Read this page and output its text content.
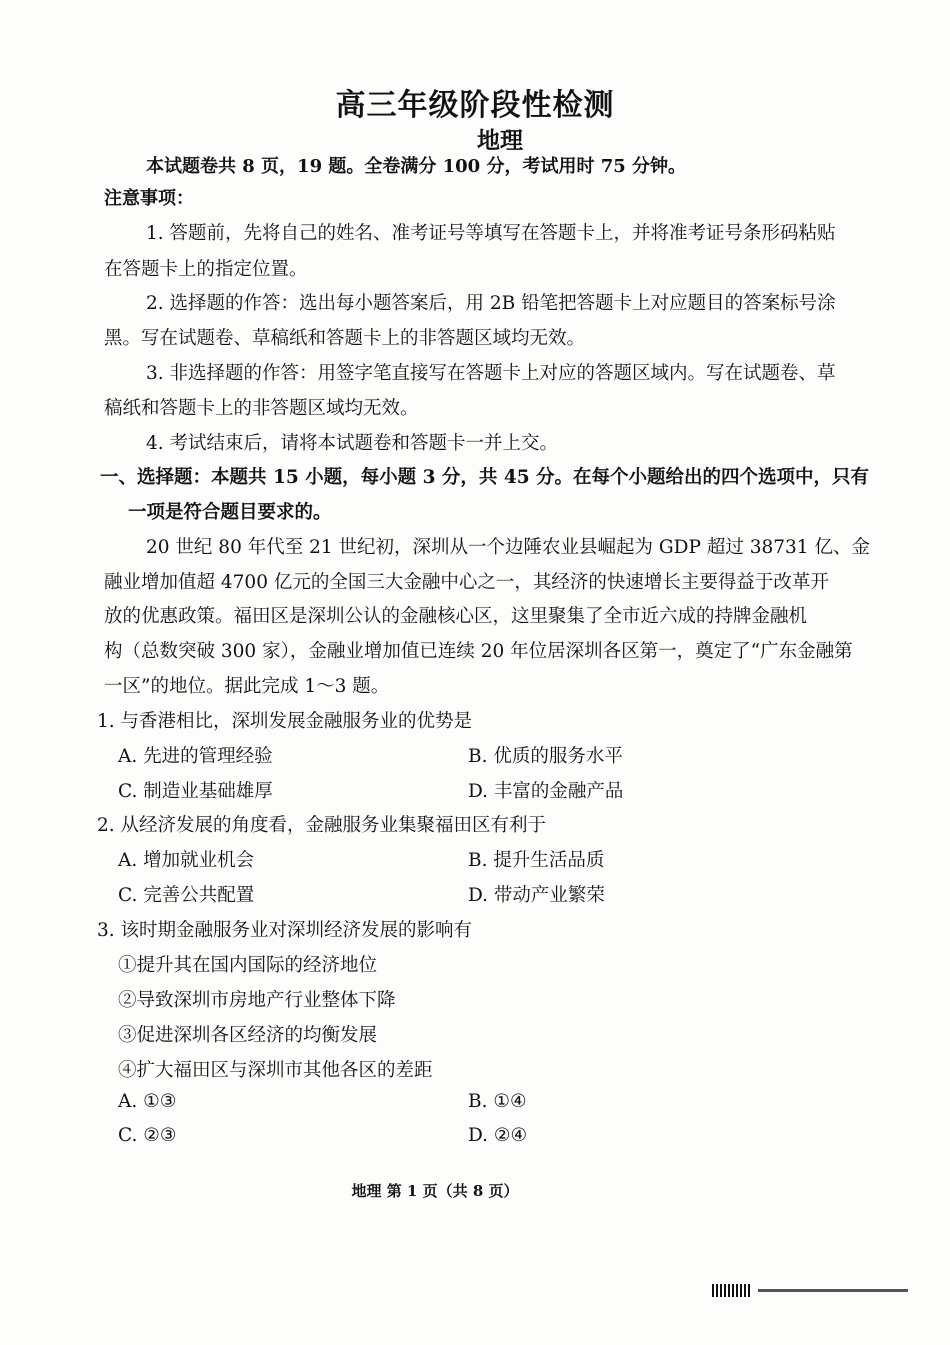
高三年级阶段性检测
地理
本试题卷共 8 页，19 题。全卷满分 100 分，考试用时 75 分钟。
注意事项：
1. 答题前，先将自己的姓名、准考证号等填写在答题卡上，并将准考证号条形码粘贴
在答题卡上的指定位置。
2. 选择题的作答：选出每小题答案后，用 2B 铅笔把答题卡上对应题目的答案标号涂
黑。写在试题卷、草稿纸和答题卡上的非答题区域均无效。
3. 非选择题的作答：用签字笔直接写在答题卡上对应的答题区域内。写在试题卷、草
稿纸和答题卡上的非答题区域均无效。
4. 考试结束后，请将本试题卷和答题卡一并上交。
一、选择题：本题共 15 小题，每小题 3 分，共 45 分。在每个小题给出的四个选项中，只有
一项是符合题目要求的。
20 世纪 80 年代至 21 世纪初，深圳从一个边陲农业县崛起为 GDP 超过 38731 亿、金
融业增加值超 4700 亿元的全国三大金融中心之一，其经济的快速增长主要得益于改革开
放的优惠政策。福田区是深圳公认的金融核心区，这里聚集了全市近六成的持牌金融机
构（总数突破 300 家），金融业增加值已连续 20 年位居深圳各区第一，奠定了“广东金融第
一区”的地位。据此完成 1～3 题。
1. 与香港相比，深圳发展金融服务业的优势是
A. 先进的管理经验	B. 优质的服务水平
C. 制造业基础雄厚	D. 丰富的金融产品
2. 从经济发展的角度看，金融服务业集聚福田区有利于
A. 增加就业机会	B. 提升生活品质
C. 完善公共配置	D. 带动产业繁荣
3. 该时期金融服务业对深圳经济发展的影响有
①提升其在国内国际的经济地位
②导致深圳市房地产行业整体下降
③促进深圳各区经济的均衡发展
④扩大福田区与深圳市其他各区的差距
A. ①③	B. ①④
C. ②③	D. ②④
地理 第 1 页（共 8 页）
